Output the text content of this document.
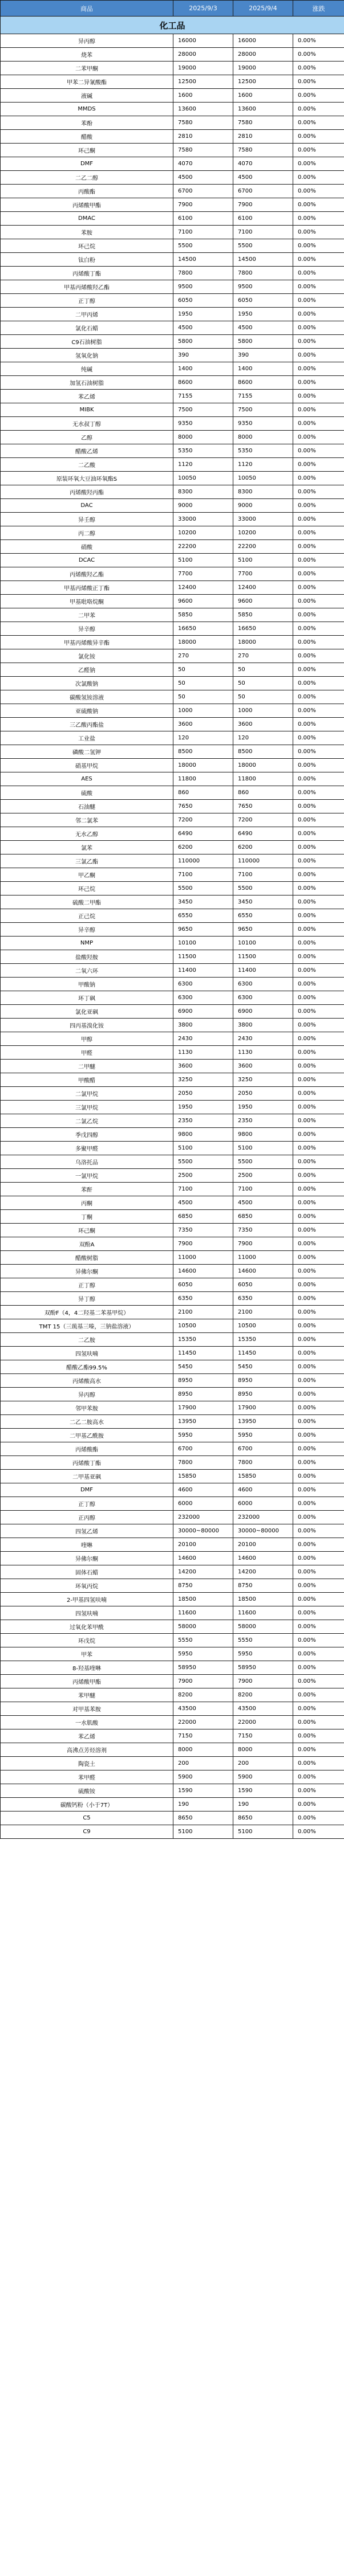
商品	2025/9/3	2025/9/4	涨跌
化工品			
异丙醇	16000	16000	0.00%
烧苯	28000	28000	0.00%
二苯甲酮	19000	19000	0.00%
甲苯二异氰酸酯	12500	12500	0.00%
液碱	1600	1600	0.00%
MMDS	13600	13600	0.00%
苯酚	7580	7580	0.00%
醋酸	2810	2810	0.00%
环己酮	7580	7580	0.00%
DMF	4070	4070	0.00%
二乙二醇	4500	4500	0.00%
丙酸酯	6700	6700	0.00%
丙烯酸甲酯	7900	7900	0.00%
DMAC	6100	6100	0.00%
苯胺	7100	7100	0.00%
环己烷	5500	5500	0.00%
钛白粉	14500	14500	0.00%
丙烯酸丁酯	7800	7800	0.00%
甲基丙烯酸羟乙酯	9500	9500	0.00%
正丁醇	6050	6050	0.00%
二甲丙烯	1950	1950	0.00%
氯化石蜡	4500	4500	0.00%
C9石油树脂	5800	5800	0.00%
氢氧化钠	390	390	0.00%
纯碱	1400	1400	0.00%
加氢石油树脂	8600	8600	0.00%
苯乙烯	7155	7155	0.00%
MIBK	7500	7500	0.00%
无水叔丁醇	9350	9350	0.00%
乙醇	8000	8000	0.00%
醋酸乙烯	5350	5350	0.00%
二乙酸	1120	1120	0.00%
原装环氧大豆油环氧酯S	10050	10050	0.00%
丙烯酸羟丙酯	8300	8300	0.00%
DAC	9000	9000	0.00%
异壬醇	33000	33000	0.00%
丙二醇	10200	10200	0.00%
硝酸	22200	22200	0.00%
DCAC	5100	5100	0.00%
丙烯酸羟乙酯	7700	7700	0.00%
甲基丙烯酸正丁酯	12400	12400	0.00%
甲基吡咯烷酮	9600	9600	0.00%
二甲苯	5850	5850	0.00%
异辛醇	16650	16650	0.00%
甲基丙烯酸异辛酯	18000	18000	0.00%
氯化铵	270	270	0.00%
乙醛钠	50	50	0.00%
次氯酸钠	50	50	0.00%
碳酸氢铵溶液	50	50	0.00%
亚硫酸钠	1000	1000	0.00%
三乙酸丙酯盐	3600	3600	0.00%
工业盐	120	120	0.00%
磷酸二氢钾	8500	8500	0.00%
硝基甲烷	18000	18000	0.00%
AES	11800	11800	0.00%
硫酸	860	860	0.00%
石油醚	7650	7650	0.00%
邻二氯苯	7200	7200	0.00%
无水乙醇	6490	6490	0.00%
氯苯	6200	6200	0.00%
三氯乙酯	110000	110000	0.00%
甲乙酮	7100	7100	0.00%
环己烷	5500	5500	0.00%
硫酸二甲酯	3450	3450	0.00%
正己烷	6550	6550	0.00%
异辛醇	9650	9650	0.00%
NMP	10100	10100	0.00%
盐酸羟胺	11500	11500	0.00%
二氧六环	11400	11400	0.00%
甲酸钠	6300	6300	0.00%
环丁砜	6300	6300	0.00%
氯化亚砜	6900	6900	0.00%
四丙基溴化铵	3800	3800	0.00%
甲醇	2430	2430	0.00%
甲醛	1130	1130	0.00%
二甲醚	3600	3600	0.00%
甲酸醋	3250	3250	0.00%
二氯甲烷	2050	2050	0.00%
三氯甲烷	1950	1950	0.00%
二氯乙烷	2350	2350	0.00%
季戊四醇	9800	9800	0.00%
多聚甲醛	5100	5100	0.00%
乌洛托品	5500	5500	0.00%
一氯甲烷	2500	2500	0.00%
苯酐	7100	7100	0.00%
丙酮	4500	4500	0.00%
丁酮	6850	6850	0.00%
环己酮	7350	7350	0.00%
双酚A	7900	7900	0.00%
醋酸树脂	11000	11000	0.00%
异佛尔酮	14600	14600	0.00%
正丁醇	6050	6050	0.00%
异丁醇	6350	6350	0.00%
双酚F（4，4二羟基二苯基甲烷）	2100	2100	0.00%
TMT 15（三巯基三嗪，三钠盐溶液）	10500	10500	0.00%
二乙胺	15350	15350	0.00%
四氢呋喃	11450	11450	0.00%
醋酸乙酯99.5%	5450	5450	0.00%
丙烯酸高水	8950	8950	0.00%
异丙醇	8950	8950	0.00%
邻甲苯胺	17900	17900	0.00%
二乙二胺高水	13950	13950	0.00%
二甲基乙酰胺	5950	5950	0.00%
丙烯酸酯	6700	6700	0.00%
丙烯酸丁酯	7800	7800	0.00%
二甲基亚砜	15850	15850	0.00%
DMF	4600	4600	0.00%
正丁醇	6000	6000	0.00%
正丙醇	232000	232000	0.00%
四氢乙烯	30000~80000	30000~80000	0.00%
喹啉	20100	20100	0.00%
异佛尔酮	14600	14600	0.00%
固体石蜡	14200	14200	0.00%
环氧丙烷	8750	8750	0.00%
2-甲基四氢呋喃	18500	18500	0.00%
四氢呋喃	11600	11600	0.00%
过氧化苯甲酰	58000	58000	0.00%
环戊烷	5550	5550	0.00%
甲苯	5950	5950	0.00%
8-羟基喹啉	58950	58950	0.00%
丙烯酸甲酯	7900	7900	0.00%
苯甲醚	8200	8200	0.00%
对甲基苯胺	43500	43500	0.00%
一水肌酸	22000	22000	0.00%
苯乙烯	7150	7150	0.00%
高沸点芳烃溶剂	8000	8000	0.00%
陶瓷土	200	200	0.00%
苯甲醛	5900	5900	0.00%
硫酸铵	1590	1590	0.00%
碳酸钙粉（小于7T）	190	190	0.00%
C5	8650	8650	0.00%
C9	5100	5100	0.00%
